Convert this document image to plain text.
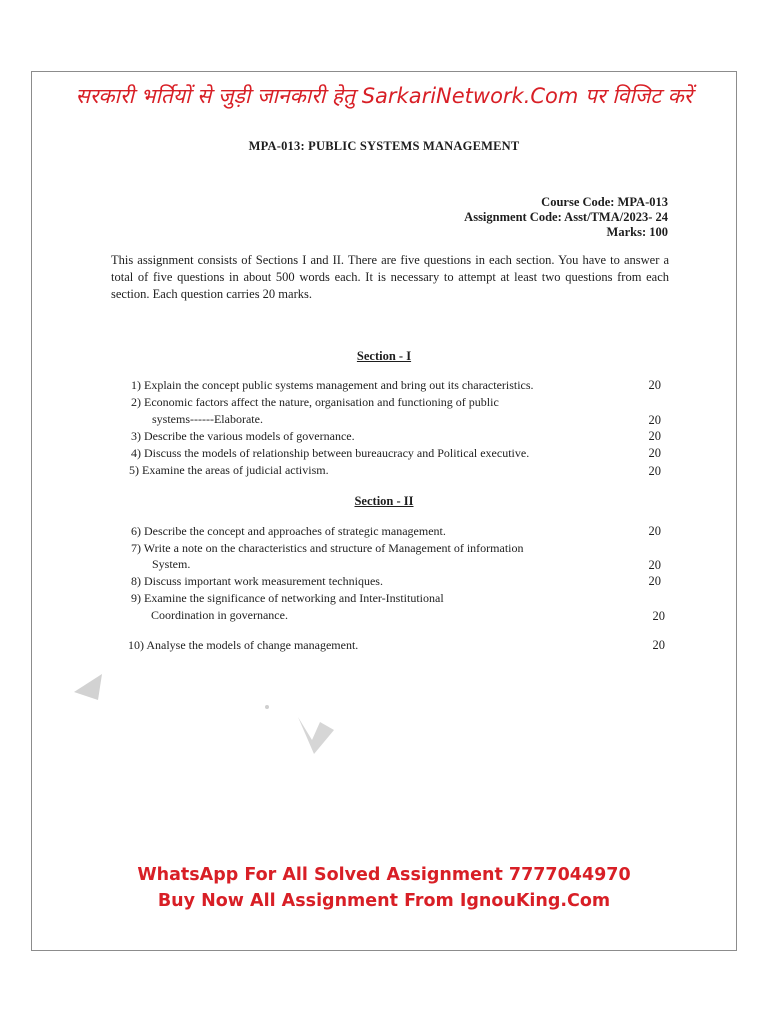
सरकारी भर्तियों से जुड़ी जानकारी हेतु SarkariNetwork.Com पर विजिट करें
MPA-013: PUBLIC SYSTEMS MANAGEMENT
Course Code: MPA-013
Assignment Code: Asst/TMA/2023- 24
Marks: 100
This assignment consists of Sections I and II. There are five questions in each section. You have to answer a total of five questions in about 500 words each. It is necessary to attempt at least two questions from each section. Each question carries 20 marks.
Section - I
1) Explain the concept public systems management and bring out its characteristics.	20
2) Economic factors affect the nature, organisation and functioning of public
systems------Elaborate.	20
3) Describe the various models of governance.	20
4) Discuss the models of relationship between bureaucracy and Political executive.	20
5) Examine the areas of judicial activism.	20
Section - II
6) Describe the concept and approaches of strategic management.	20
7) Write a note on the characteristics and structure of Management of information
System.	20
8) Discuss important work measurement techniques.	20
9) Examine the significance of networking and Inter-Institutional
Coordination in governance.	20
10) Analyse the models of change management.	20
WhatsApp For All Solved Assignment 7777044970
Buy Now All Assignment From IgnouKing.Com
